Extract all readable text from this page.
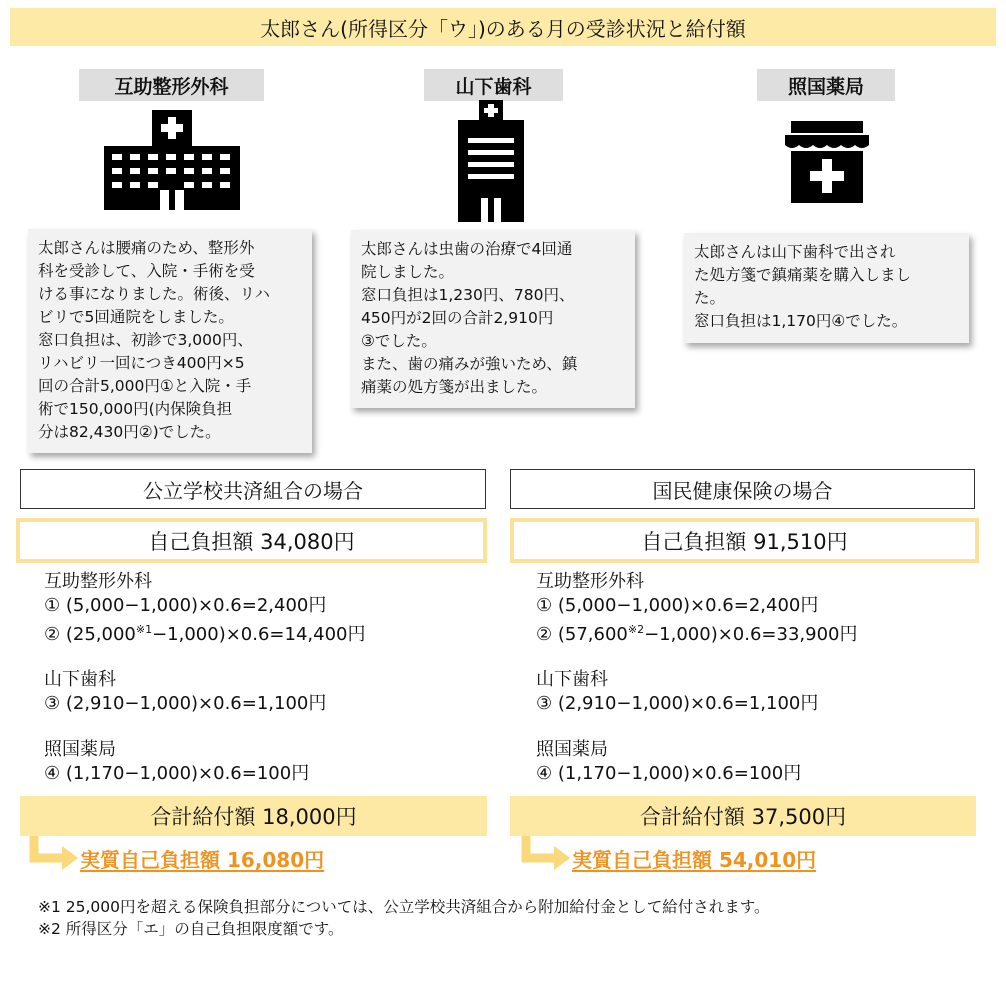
太郎さん(所得区分「ウ」)のある月の受診状況と給付額
互助整形外科	山下歯科	照国薬局
太郎さんは腰痛のため、整形外
科を受診して、入院・手術を受
ける事になりました。術後、リハ
ビリで5回通院をしました。
窓口負担は、初診で3,000円、
リハビリ一回につき400円×5
回の合計5,000円①と入院・手
術で150,000円(内保険負担
分は82,430円②)でした。
太郎さんは虫歯の治療で4回通
院しました。
窓口負担は1,230円、780円、
450円が2回の合計2,910円
③でした。
また、歯の痛みが強いため、鎮
痛薬の処方箋が出ました。
太郎さんは山下歯科で出され
た処方箋で鎮痛薬を購入しまし
た。
窓口負担は1,170円④でした。
公立学校共済組合の場合
自己負担額 34,080円
互助整形外科
① (5,000−1,000)×0.6=2,400円
② $(25,000^{※1}-1,000)\times 0.6=14,400$円
山下歯科
③ (2,910−1,000)×0.6=1,100円
照国薬局
④ (1,170−1,000)×0.6=100円
合計給付額 18,000円
実質自己負担額 16,080円
国民健康保険の場合
自己負担額 91,510円
互助整形外科
① (5,000−1,000)×0.6=2,400円
② $(57,600^{※2}-1,000)\times 0.6=33,900$円
山下歯科
③ (2,910−1,000)×0.6=1,100円
照国薬局
④ (1,170−1,000)×0.6=100円
合計給付額 37,500円
実質自己負担額 54,010円
※1 25,000円を超える保険負担部分については、公立学校共済組合から附加給付金として給付されます。
※2 所得区分「エ」の自己負担限度額です。
